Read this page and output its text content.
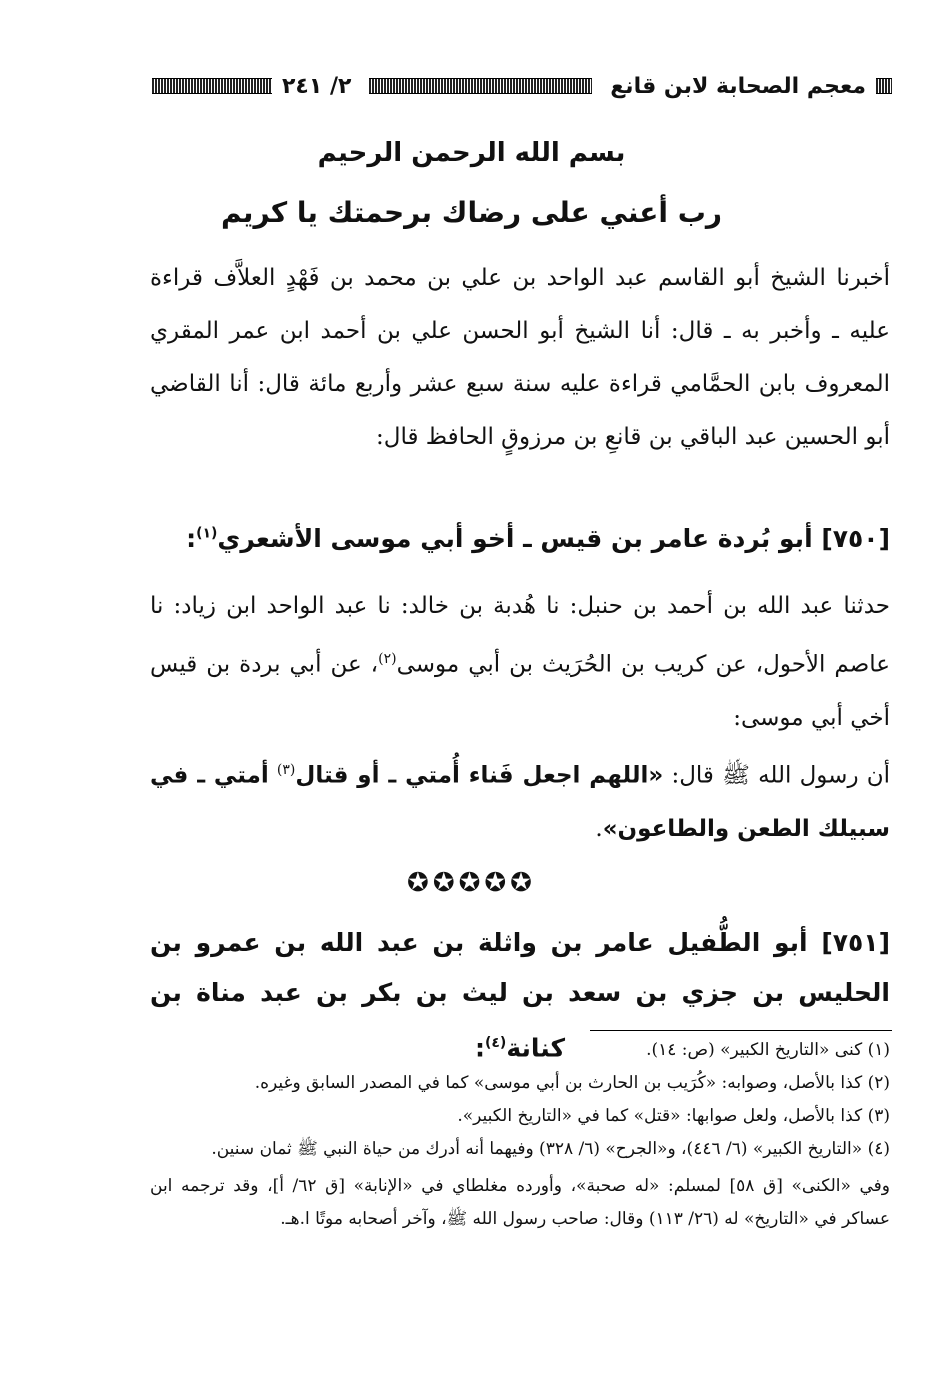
معجم الصحابة لابن قانع
٢/ ٢٤١
بسم الله الرحمن الرحيم
رب أعني على رضاك برحمتك يا كريم
أخبرنا الشيخ أبو القاسم عبد الواحد بن علي بن محمد بن فَهْدٍ العلاَّف قراءة عليه ـ وأخبر به ـ قال: أنا الشيخ أبو الحسن علي بن أحمد ابن عمر المقري المعروف بابن الحمَّامي قراءة عليه سنة سبع عشر وأربع مائة قال: أنا القاضي أبو الحسين عبد الباقي بن قانعِ بن مرزوقٍ الحافظ قال:
[٧٥٠] أبو بُردة عامر بن قيس ـ أخو أبي موسى الأشعري$^{(١)}$:
حدثنا عبد الله بن أحمد بن حنبل: نا هُدبة بن خالد: نا عبد الواحد ابن زياد: نا عاصم الأحول، عن كريب بن الحُرَيث بن أبي موسى$^{(٢)}$، عن أبي بردة بن قيس أخي أبي موسى:
أن رسول الله ﷺ قال: «اللهم اجعل فَناء أُمتي ـ أو قتال$^{(٣)}$ أمتي ـ في سبيلك الطعن والطاعون».
✪✪✪✪✪
[٧٥١] أبو الطُّفيل عامر بن واثلة بن عبد الله بن عمرو بن الحليس بن جزي بن سعد بن ليث بن بكر بن عبد مناة بن كنانة$^{(٤)}$:	(١) كنى «التاريخ الكبير» (ص: ١٤).

(٢) كذا بالأصل، وصوابه: «كُرَيب بن الحارث بن أبي موسى» كما في المصدر السابق وغيره.

(٣) كذا بالأصل، ولعل صوابها: «قتل» كما في «التاريخ الكبير».

(٤) «التاريخ الكبير» (٦/ ٤٤٦)، و«الجرح» (٦/ ٣٢٨) وفيهما أنه أدرك من حياة النبي ﷺ ثمان سنين.

وفي «الكنى» [ق ٥٨] لمسلم: «له صحبة»، وأورده مغلطاي في «الإنابة» [ق ٦٢/ أ]، وقد ترجمه ابن عساكر في «التاريخ» له (٢٦/ ١١٣) وقال: صاحب رسول الله ﷺ، وآخر أصحابه موتًا ا.هـ.
